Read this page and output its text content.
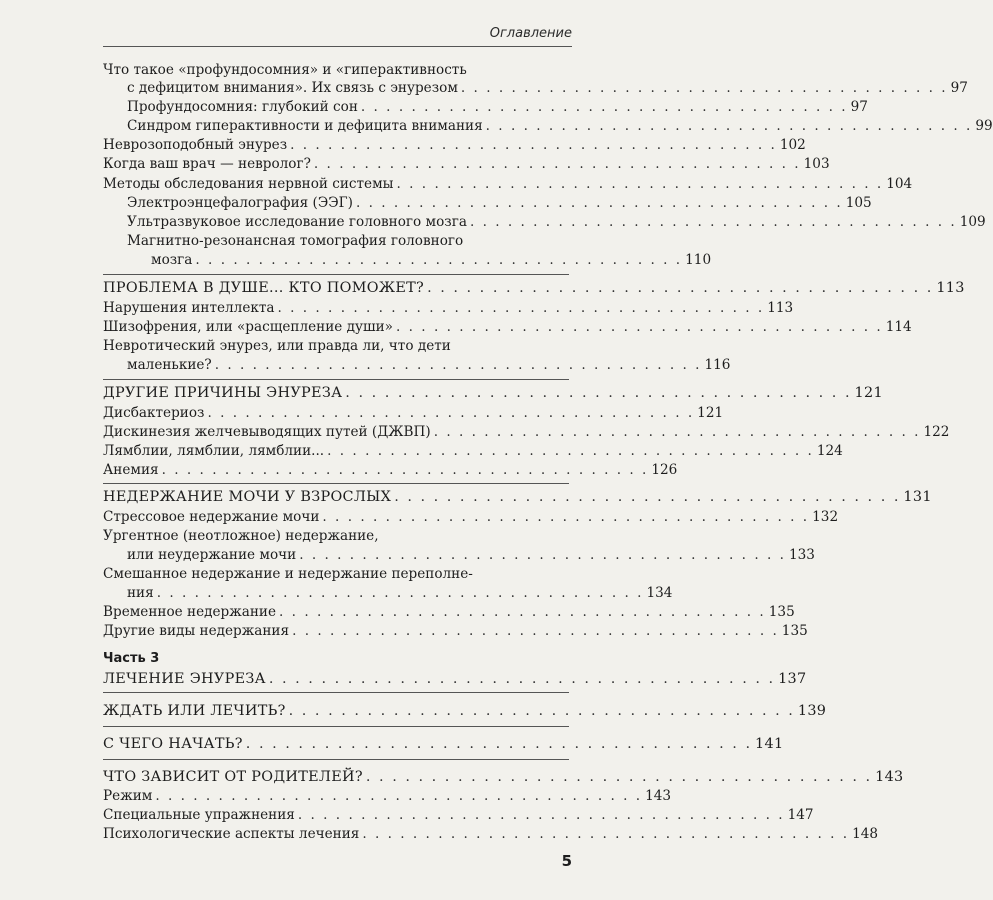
Оглавление
Что такое «профундосомния» и «гиперактивность
с дефицитом внимания». Их связь с энурезом . . . . . . . . . . . . . . . . . . . . . . . . . . . . . . . . . . . . . . . 97
Профундосомния: глубокий сон . . . . . . . . . . . . . . . . . . . . . . . . . . . . . . . . . . . . . . . 97
Синдром гиперактивности и дефицита внимания . . . . . . . . . . . . . . . . . . . . . . . . . . . . . . . . . . . . . . . 99
Неврозоподобный энурез . . . . . . . . . . . . . . . . . . . . . . . . . . . . . . . . . . . . . . . 102
Когда ваш врач — невролог? . . . . . . . . . . . . . . . . . . . . . . . . . . . . . . . . . . . . . . . 103
Методы обследования нервной системы . . . . . . . . . . . . . . . . . . . . . . . . . . . . . . . . . . . . . . . 104
Электроэнцефалография (ЭЭГ) . . . . . . . . . . . . . . . . . . . . . . . . . . . . . . . . . . . . . . . 105
Ультразвуковое исследование головного мозга . . . . . . . . . . . . . . . . . . . . . . . . . . . . . . . . . . . . . . . 109
Магнитно-резонансная томография головного
мозга . . . . . . . . . . . . . . . . . . . . . . . . . . . . . . . . . . . . . . . 110
ПРОБЛЕМА В ДУШЕ... КТО ПОМОЖЕТ? . . . . . . . . . . . . . . . . . . . . . . . . . . . . . . . . . . . . . . . 113
Нарушения интеллекта . . . . . . . . . . . . . . . . . . . . . . . . . . . . . . . . . . . . . . . 113
Шизофрения, или «расщепление души» . . . . . . . . . . . . . . . . . . . . . . . . . . . . . . . . . . . . . . . 114
Невротический энурез, или правда ли, что дети
маленькие? . . . . . . . . . . . . . . . . . . . . . . . . . . . . . . . . . . . . . . . 116
ДРУГИЕ ПРИЧИНЫ ЭНУРЕЗА . . . . . . . . . . . . . . . . . . . . . . . . . . . . . . . . . . . . . . . 121
Дисбактериоз . . . . . . . . . . . . . . . . . . . . . . . . . . . . . . . . . . . . . . . 121
Дискинезия желчевыводящих путей (ДЖВП) . . . . . . . . . . . . . . . . . . . . . . . . . . . . . . . . . . . . . . . 122
Лямблии, лямблии, лямблии... . . . . . . . . . . . . . . . . . . . . . . . . . . . . . . . . . . . . . . . 124
Анемия . . . . . . . . . . . . . . . . . . . . . . . . . . . . . . . . . . . . . . . 126
НЕДЕРЖАНИЕ МОЧИ У ВЗРОСЛЫХ . . . . . . . . . . . . . . . . . . . . . . . . . . . . . . . . . . . . . . . 131
Стрессовое недержание мочи . . . . . . . . . . . . . . . . . . . . . . . . . . . . . . . . . . . . . . . 132
Ургентное (неотложное) недержание,
или неудержание мочи . . . . . . . . . . . . . . . . . . . . . . . . . . . . . . . . . . . . . . . 133
Смешанное недержание и недержание переполне-
ния . . . . . . . . . . . . . . . . . . . . . . . . . . . . . . . . . . . . . . . 134
Временное недержание . . . . . . . . . . . . . . . . . . . . . . . . . . . . . . . . . . . . . . . 135
Другие виды недержания . . . . . . . . . . . . . . . . . . . . . . . . . . . . . . . . . . . . . . . 135
Часть 3
ЛЕЧЕНИЕ ЭНУРЕЗА . . . . . . . . . . . . . . . . . . . . . . . . . . . . . . . . . . . . . . . 137
ЖДАТЬ ИЛИ ЛЕЧИТЬ? . . . . . . . . . . . . . . . . . . . . . . . . . . . . . . . . . . . . . . . 139
С ЧЕГО НАЧАТЬ? . . . . . . . . . . . . . . . . . . . . . . . . . . . . . . . . . . . . . . . 141
ЧТО ЗАВИСИТ ОТ РОДИТЕЛЕЙ? . . . . . . . . . . . . . . . . . . . . . . . . . . . . . . . . . . . . . . . 143
Режим . . . . . . . . . . . . . . . . . . . . . . . . . . . . . . . . . . . . . . . 143
Специальные упражнения . . . . . . . . . . . . . . . . . . . . . . . . . . . . . . . . . . . . . . . 147
Психологические аспекты лечения . . . . . . . . . . . . . . . . . . . . . . . . . . . . . . . . . . . . . . . 148
5
